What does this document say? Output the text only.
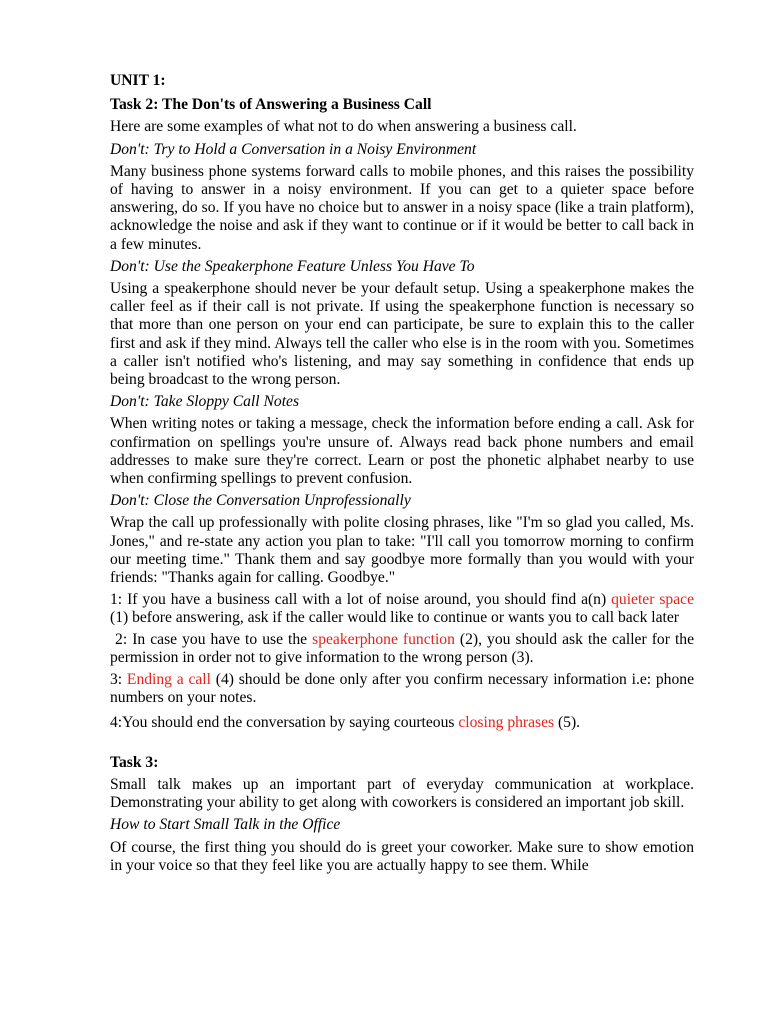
UNIT 1:

Task 2: The Don'ts of Answering a Business Call

Here are some examples of what not to do when answering a business call.

Don't: Try to Hold a Conversation in a Noisy Environment

Many business phone systems forward calls to mobile phones, and this raises the possibility of having to answer in a noisy environment. If you can get to a quieter space before answering, do so. If you have no choice but to answer in a noisy space (like a train platform), acknowledge the noise and ask if they want to continue or if it would be better to call back in a few minutes.

Don't: Use the Speakerphone Feature Unless You Have To

Using a speakerphone should never be your default setup. Using a speakerphone makes the caller feel as if their call is not private. If using the speakerphone function is necessary so that more than one person on your end can participate, be sure to explain this to the caller first and ask if they mind. Always tell the caller who else is in the room with you. Sometimes a caller isn't notified who's listening, and may say something in confidence that ends up being broadcast to the wrong person.

Don't: Take Sloppy Call Notes

When writing notes or taking a message, check the information before ending a call. Ask for confirmation on spellings you're unsure of. Always read back phone numbers and email addresses to make sure they're correct. Learn or post the phonetic alphabet nearby to use when confirming spellings to prevent confusion.

Don't: Close the Conversation Unprofessionally

Wrap the call up professionally with polite closing phrases, like "I'm so glad you called, Ms. Jones," and re-state any action you plan to take: "I'll call you tomorrow morning to confirm our meeting time." Thank them and say goodbye more formally than you would with your friends: "Thanks again for calling. Goodbye."

1: If you have a business call with a lot of noise around, you should find a(n) quieter space (1) before answering, ask if the caller would like to continue or wants you to call back later

2: In case you have to use the speakerphone function (2), you should ask the caller for the permission in order not to give information to the wrong person (3).

3: Ending a call (4) should be done only after you confirm necessary information i.e: phone numbers on your notes.

4:You should end the conversation by saying courteous closing phrases (5).

Task 3:

Small talk makes up an important part of everyday communication at workplace. Demonstrating your ability to get along with coworkers is considered an important job skill.

How to Start Small Talk in the Office

Of course, the first thing you should do is greet your coworker. Make sure to show emotion in your voice so that they feel like you are actually happy to see them. While
